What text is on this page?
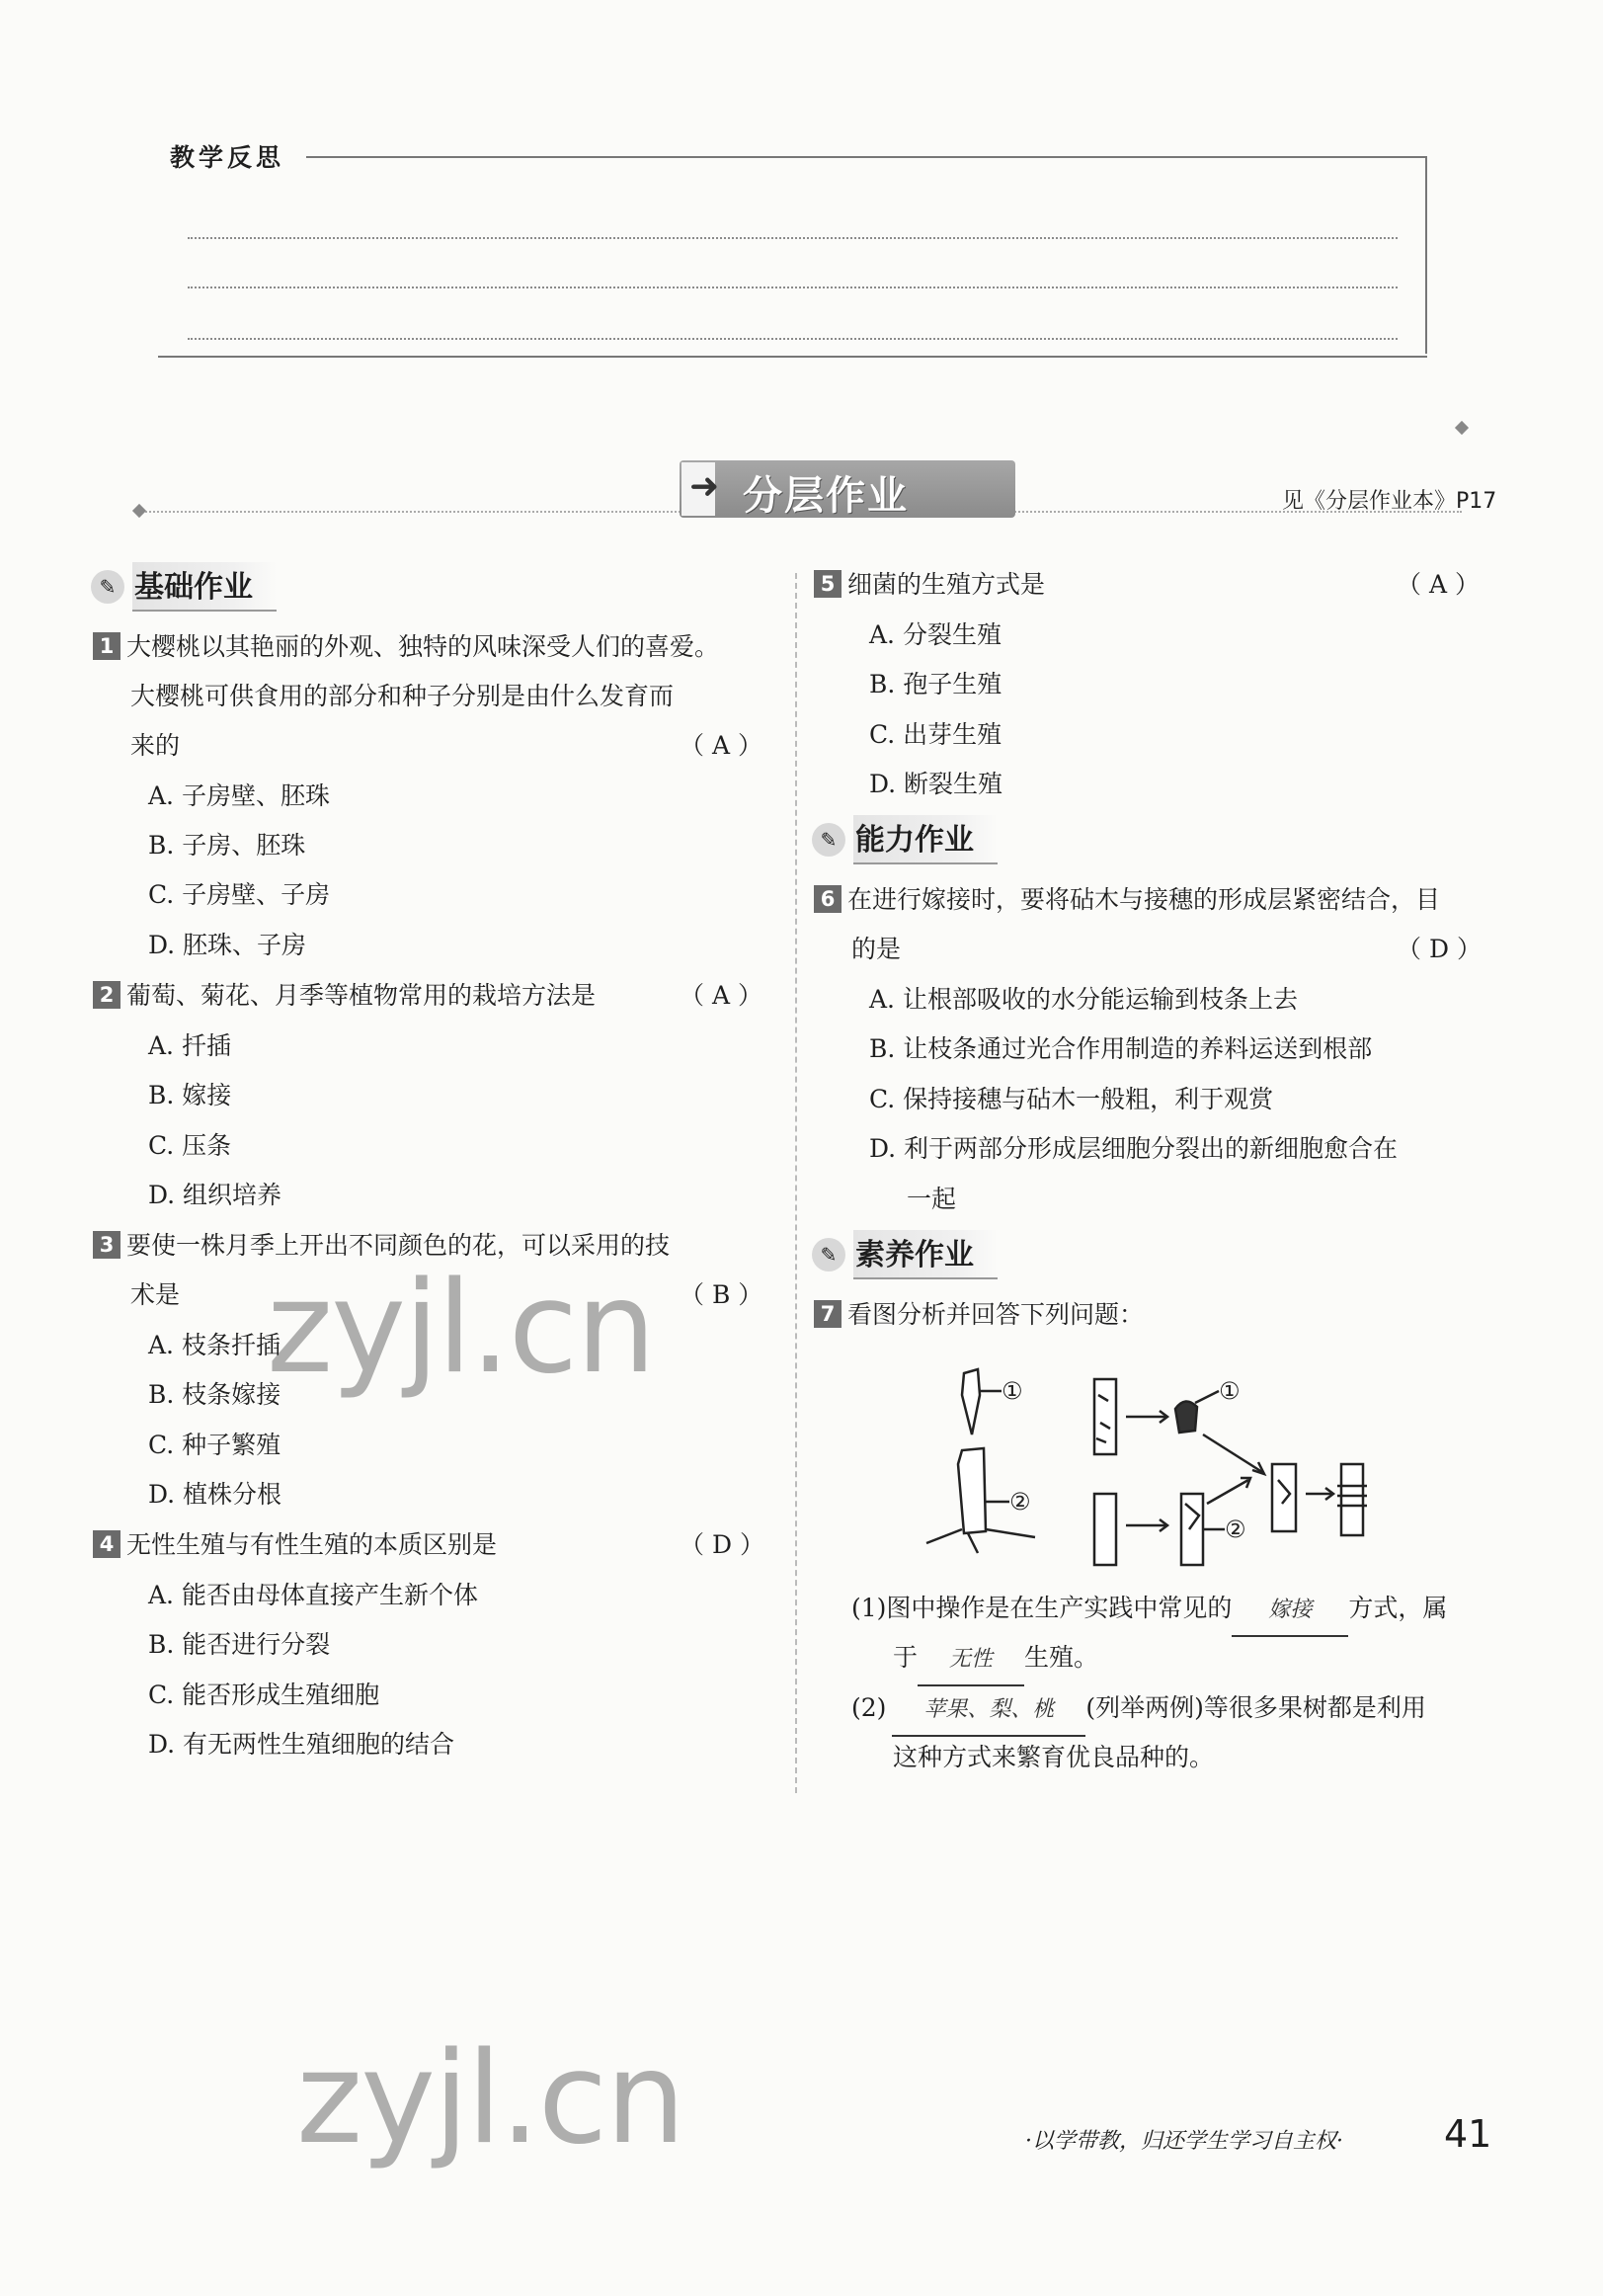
教学反思
➜ 分层作业	见《分层作业本》P17
✎ 基础作业
1 大樱桃以其艳丽的外观、独特的风味深受人们的喜爱。
大樱桃可供食用的部分和种子分别是由什么发育而
来的	（ A ）
A. 子房壁、胚珠
B. 子房、胚珠
C. 子房壁、子房
D. 胚珠、子房
2 葡萄、菊花、月季等植物常用的栽培方法是	（ A ）
A. 扦插
B. 嫁接
C. 压条
D. 组织培养
3 要使一株月季上开出不同颜色的花，可以采用的技
术是	（ B ）
A. 枝条扦插
B. 枝条嫁接
C. 种子繁殖
D. 植株分根
4 无性生殖与有性生殖的本质区别是	（ D ）
A. 能否由母体直接产生新个体
B. 能否进行分裂
C. 能否形成生殖细胞
D. 有无两性生殖细胞的结合
5 细菌的生殖方式是	（ A ）
A. 分裂生殖
B. 孢子生殖
C. 出芽生殖
D. 断裂生殖
✎ 能力作业
6 在进行嫁接时，要将砧木与接穗的形成层紧密结合，目
的是	（ D ）
A. 让根部吸收的水分能运输到枝条上去
B. 让枝条通过光合作用制造的养料运送到根部
C. 保持接穗与砧木一般粗，利于观赏
D. 利于两部分形成层细胞分裂出的新细胞愈合在
一起
✎ 素养作业
7 看图分析并回答下列问题：
①
②
①
②
(1)图中操作是在生产实践中常见的 嫁接 方式，属
于 无性 生殖。
(2) 苹果、梨、桃 (列举两例)等很多果树都是利用
这种方式来繁育优良品种的。
zyjl.cn
zyjl.cn	·以学带教，归还学生学习自主权·	41
